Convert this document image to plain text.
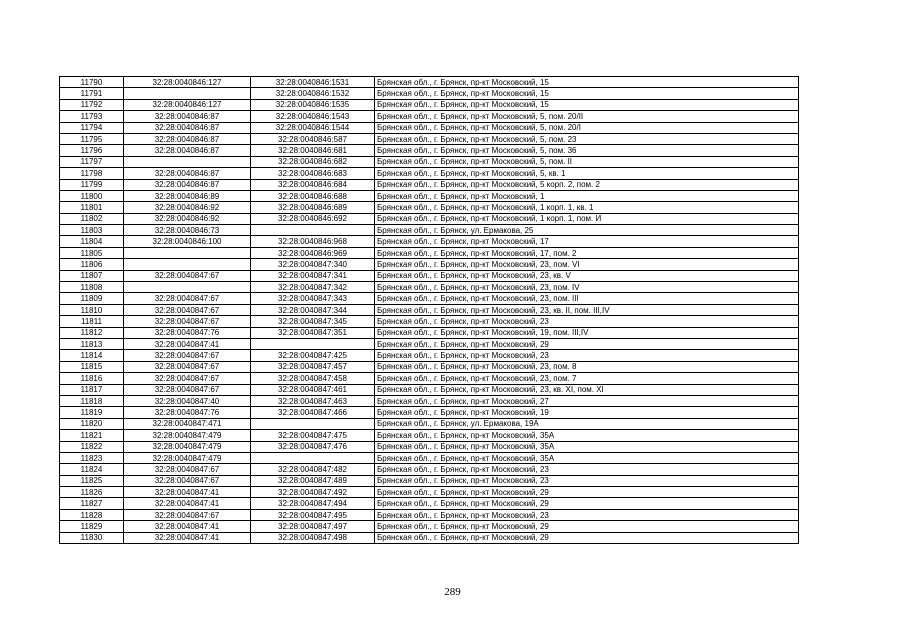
11790	32:28:0040846:127	32:28:0040846:1531	Брянская обл., г. Брянск, пр-кт Московский, 15
11791		32:28:0040846:1532	Брянская обл., г. Брянск, пр-кт Московский, 15
11792	32:28:0040846:127	32:28:0040846:1535	Брянская обл., г. Брянск, пр-кт Московский, 15
11793	32:28:0040846:87	32:28:0040846:1543	Брянская обл., г. Брянск, пр-кт Московский, 5, пом. 20/II
11794	32:28:0040846:87	32:28:0040846:1544	Брянская обл., г. Брянск, пр-кт Московский, 5, пом. 20/I
11795	32:28:0040846:87	32:28:0040846:587	Брянская обл., г. Брянск, пр-кт Московский, 5, пом. 23
11796	32:28:0040846:87	32:28:0040846:681	Брянская обл., г. Брянск, пр-кт Московский, 5, пом. 36
11797		32:28:0040846:682	Брянская обл., г. Брянск, пр-кт Московский, 5, пом. II
11798	32:28:0040846:87	32:28:0040846:683	Брянская обл., г. Брянск, пр-кт Московский, 5, кв. 1
11799	32:28:0040846:87	32:28:0040846:684	Брянская обл., г. Брянск, пр-кт Московский, 5 корп. 2, пом. 2
11800	32:28:0040846:89	32:28:0040846:688	Брянская обл., г. Брянск, пр-кт Московский, 1
11801	32:28:0040846:92	32:28:0040846:689	Брянская обл., г. Брянск, пр-кт Московский, 1 корп. 1, кв. 1
11802	32:28:0040846:92	32:28:0040846:692	Брянская обл., г. Брянск, пр-кт Московский, 1 корп. 1, пом. И
11803	32:28:0040846:73		Брянская обл., г. Брянск, ул. Ермакова, 25
11804	32:28:0040846:100	32:28:0040846:968	Брянская обл., г. Брянск, пр-кт Московский, 17
11805		32:28:0040846:969	Брянская обл., г. Брянск, пр-кт Московский, 17, пом. 2
11806		32:28:0040847:340	Брянская обл., г. Брянск, пр-кт Московский, 23, пом. VI
11807	32:28:0040847:67	32:28:0040847:341	Брянская обл., г. Брянск, пр-кт Московский, 23, кв. V
11808		32:28:0040847:342	Брянская обл., г. Брянск, пр-кт Московский, 23, пом. IV
11809	32:28:0040847:67	32:28:0040847:343	Брянская обл., г. Брянск, пр-кт Московский, 23, пом. III
11810	32:28:0040847:67	32:28:0040847:344	Брянская обл., г. Брянск, пр-кт Московский, 23, кв. II, пом. III,IV
11811	32:28:0040847:67	32:28:0040847:345	Брянская обл., г. Брянск, пр-кт Московский, 23
11812	32:28:0040847:76	32:28:0040847:351	Брянская обл., г. Брянск, пр-кт Московский, 19, пом. III,IV
11813	32:28:0040847:41		Брянская обл., г. Брянск, пр-кт Московский, 29
11814	32:28:0040847:67	32:28:0040847:425	Брянская обл., г. Брянск, пр-кт Московский, 23
11815	32:28:0040847:67	32:28:0040847:457	Брянская обл., г. Брянск, пр-кт Московский, 23, пом. 8
11816	32:28:0040847:67	32:28:0040847:458	Брянская обл., г. Брянск, пр-кт Московский, 23, пом. 7
11817	32:28:0040847:67	32:28:0040847:461	Брянская обл., г. Брянск, пр-кт Московский, 23, кв. XI, пом. XI
11818	32:28:0040847:40	32:28:0040847:463	Брянская обл., г. Брянск, пр-кт Московский, 27
11819	32:28:0040847:76	32:28:0040847:466	Брянская обл., г. Брянск, пр-кт Московский, 19
11820	32:28:0040847:471		Брянская обл., г. Брянск, ул. Ермакова, 19А
11821	32:28:0040847:479	32:28:0040847:475	Брянская обл., г. Брянск, пр-кт Московский, 35А
11822	32:28:0040847:479	32:28:0040847:476	Брянская обл., г. Брянск, пр-кт Московский, 35А
11823	32:28:0040847:479		Брянская обл., г. Брянск, пр-кт Московский, 35А
11824	32:28:0040847:67	32:28:0040847:482	Брянская обл., г. Брянск, пр-кт Московский, 23
11825	32:28:0040847:67	32:28:0040847:489	Брянская обл., г. Брянск, пр-кт Московский, 23
11826	32:28:0040847:41	32:28:0040847:492	Брянская обл., г. Брянск, пр-кт Московский, 29
11827	32:28:0040847:41	32:28:0040847:494	Брянская обл., г. Брянск, пр-кт Московский, 29
11828	32:28:0040847:67	32:28:0040847:495	Брянская обл., г. Брянск, пр-кт Московский, 23
11829	32:28:0040847:41	32:28:0040847:497	Брянская обл., г. Брянск, пр-кт Московский, 29
11830	32:28:0040847:41	32:28:0040847:498	Брянская обл., г. Брянск, пр-кт Московский, 29
289
